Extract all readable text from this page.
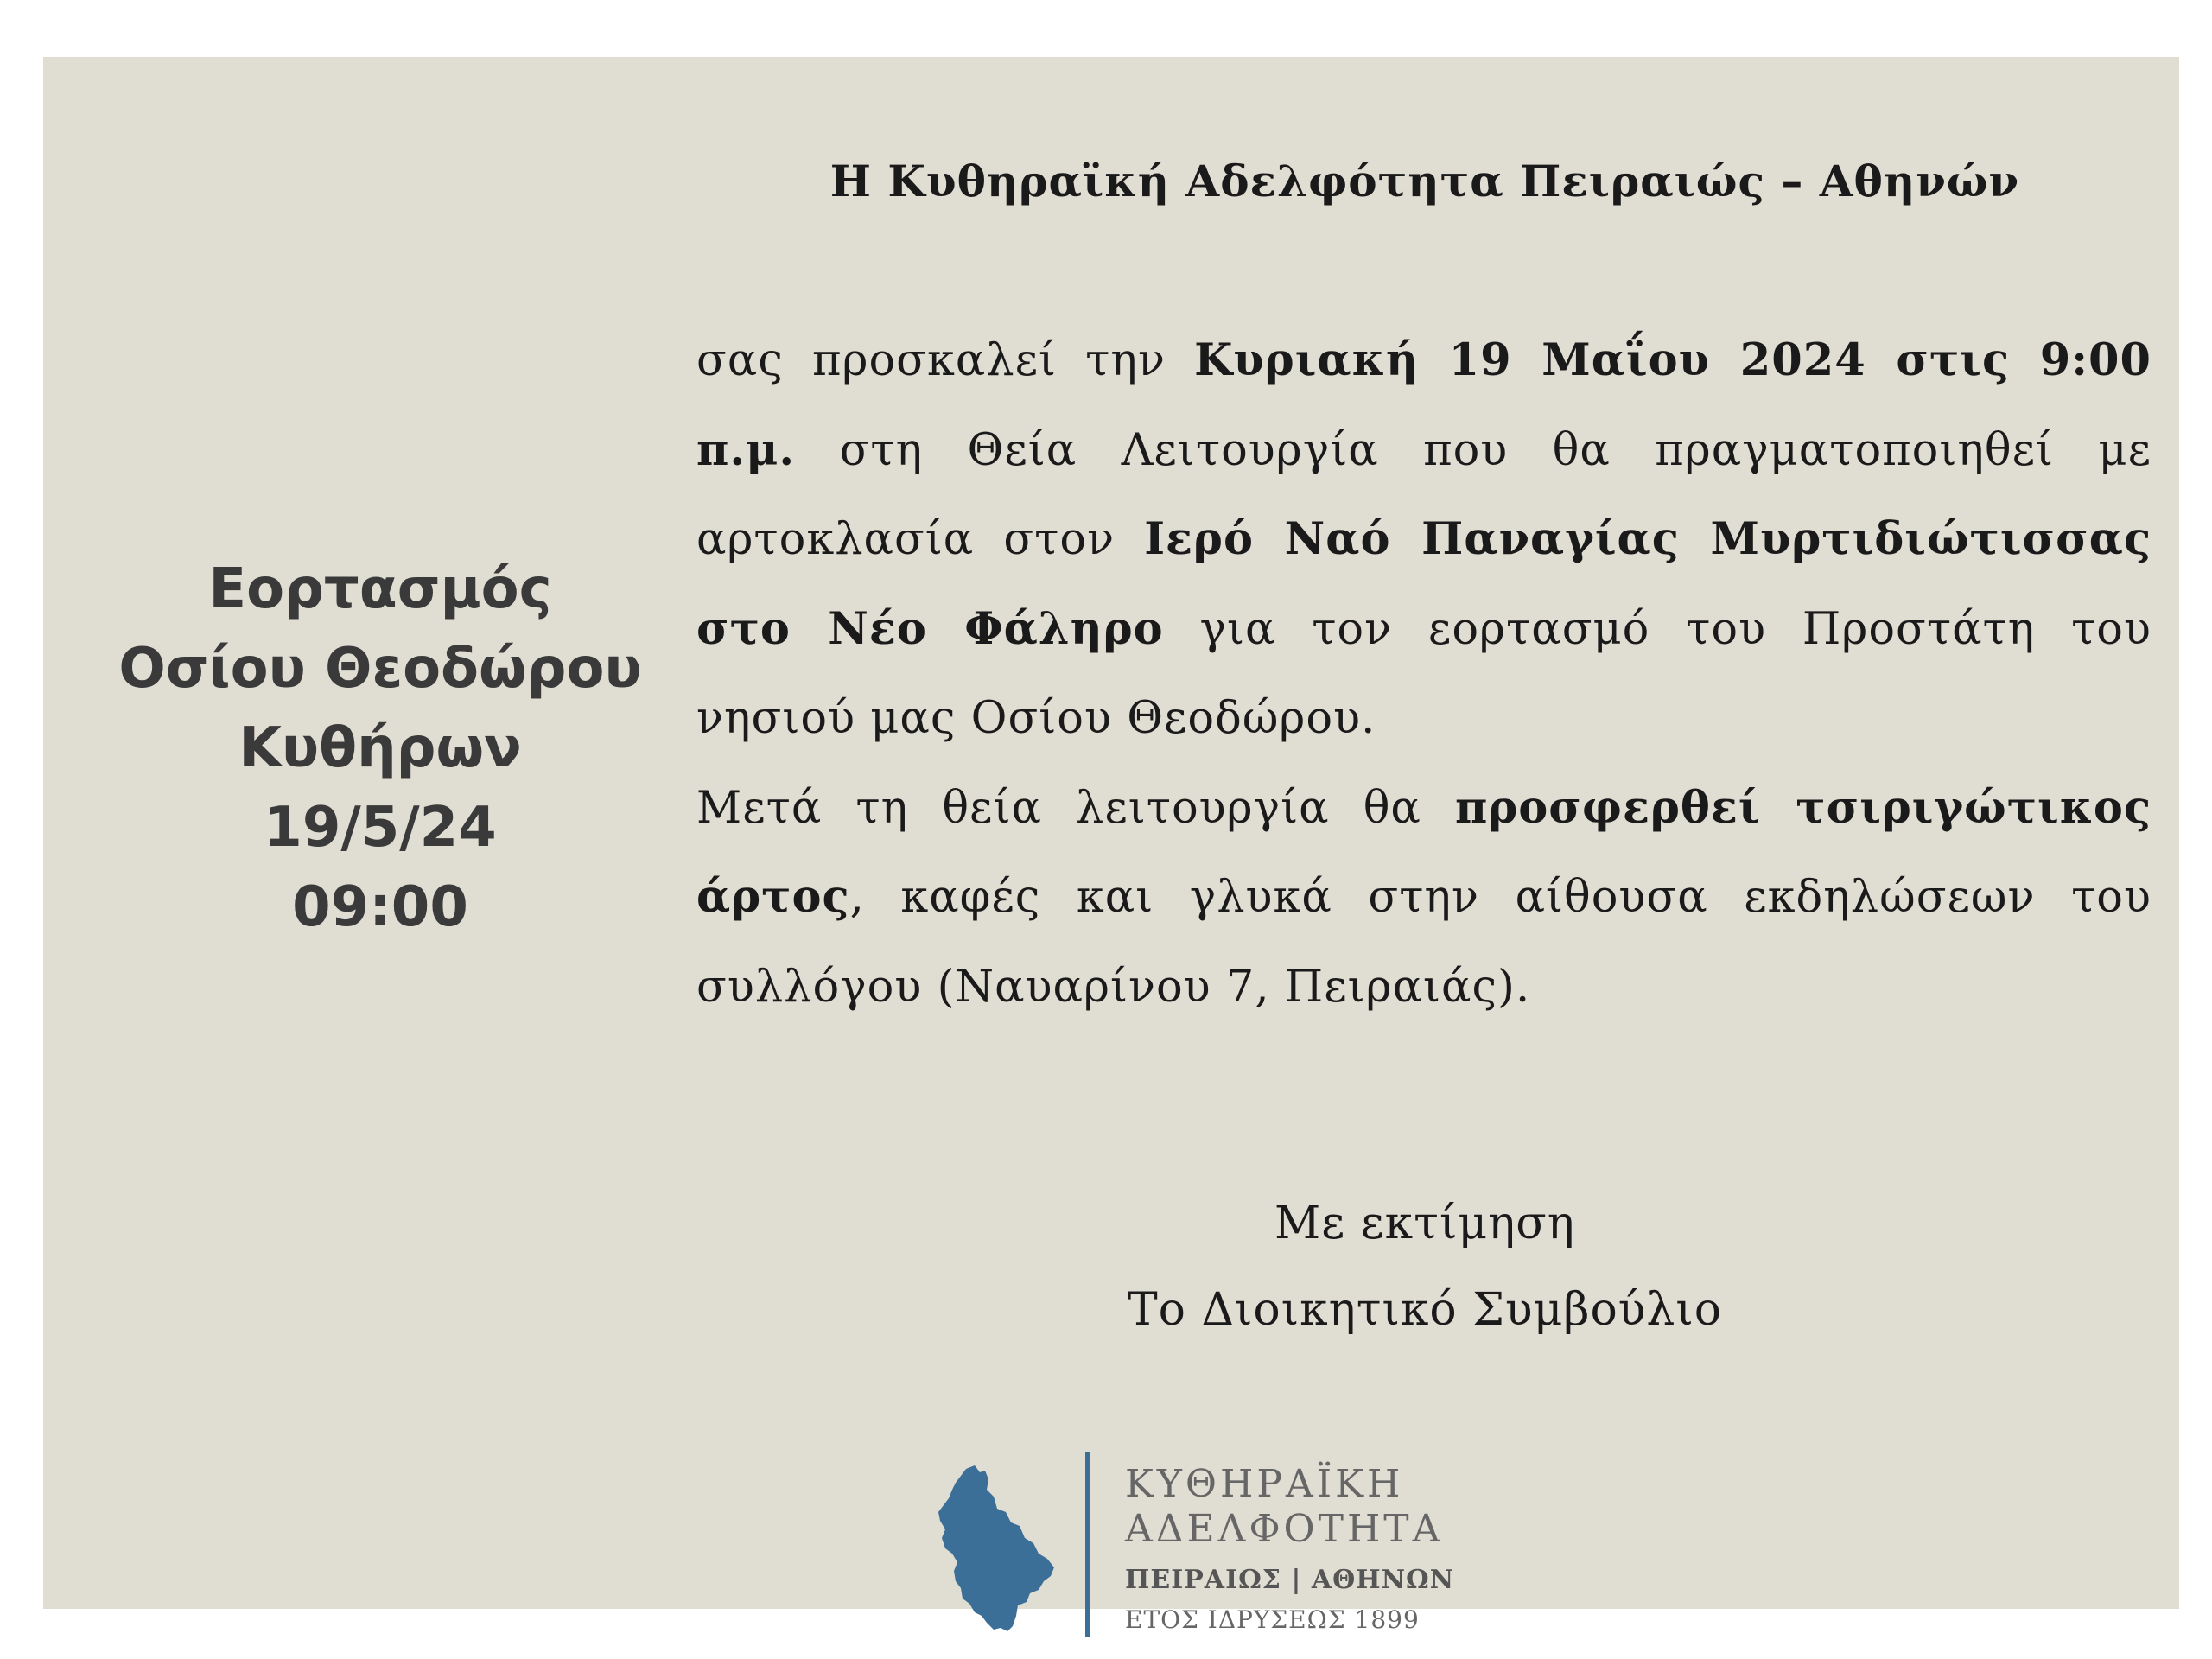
Εορτασμός
Οσίου Θεοδώρου
Κυθήρων
19/5/24
09:00
Η Κυθηραϊκή Αδελφότητα Πειραιώς – Αθηνών

σας προσκαλεί την Κυριακή 19 Μαΐου 2024 στις 9:00 π.μ. στη Θεία Λειτουργία που θα πραγματοποιηθεί με αρτοκλασία στον Ιερό Ναό Παναγίας Μυρτιδιώτισσας στο Νέο Φάληρο για τον εορτασμό του Προστάτη του νησιού μας Οσίου Θεοδώρου.

Μετά τη θεία λειτουργία θα προσφερθεί τσιριγώτικος άρτος, καφές και γλυκά στην αίθουσα εκδηλώσεων του συλλόγου (Ναυαρίνου 7, Πειραιάς).

Με εκτίμηση
Το Διοικητικό Συμβούλιο
ΚΥΘΗΡΑΪΚΗ
ΑΔΕΛΦΟΤΗΤΑ
ΠΕΙΡΑΙΩΣ | ΑΘΗΝΩΝ
ΕΤΟΣ ΙΔΡΥΣΕΩΣ 1899
